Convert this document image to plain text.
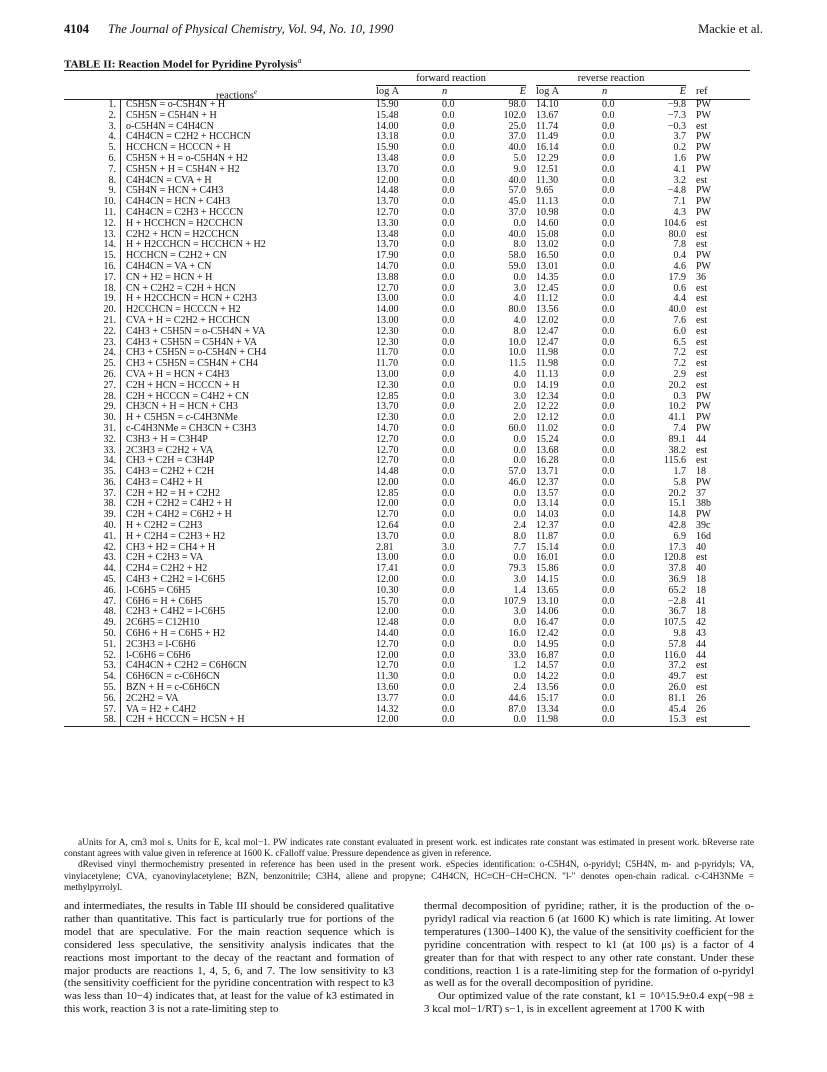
4104 The Journal of Physical Chemistry, Vol. 94, No. 10, 1990	Mackie et al.
TABLE II: Reaction Model for Pyridine Pyrolysis$^a$
forward reaction	reverse reaction
reactions$^e$	log A	n	E log A	n	E ref
1. C5H5N = o-C5H4N + H	15.90	0.0	98.0 14.10	0.0	−9.8 PW
2. C5H5N = C5H4N + H	15.48	0.0	102.0 13.67	0.0	−7.3 PW
3. o-C5H4N = C4H4CN	14.00	0.0	25.0 11.74	0.0	−0.3 est
4. C4H4CN = C2H2 + HCCHCN	13.18	0.0	37.0 11.49	0.0	3.7 PW
5. HCCHCN = HCCCN + H	15.90	0.0	40.0 16.14	0.0	0.2 PW
6. C5H5N + H = o-C5H4N + H2	13.48	0.0	5.0 12.29	0.0	1.6 PW
7. C5H5N + H = C5H4N + H2	13.70	0.0	9.0 12.51	0.0	4.1 PW
8. C4H4CN = CVA + H	12.00	0.0	40.0 11.30	0.0	3.2 est
9. C5H4N = HCN + C4H3	14.48	0.0	57.0 9.65	0.0	−4.8 PW
10. C4H4CN = HCN + C4H3	13.70	0.0	45.0 11.13	0.0	7.1 PW
11. C4H4CN = C2H3 + HCCCN	12.70	0.0	37.0 10.98	0.0	4.3 PW
12. H + HCCHCN = H2CCHCN	13.30	0.0	0.0 14.60	0.0	104.6 est
13. C2H2 + HCN = H2CCHCN	13.48	0.0	40.0 15.08	0.0	80.0 est
14. H + H2CCHCN = HCCHCN + H2	13.70	0.0	8.0 13.02	0.0	7.8 est
15. HCCHCN = C2H2 + CN	17.90	0.0	58.0 16.50	0.0	0.4 PW
16. C4H4CN = VA + CN	14.70	0.0	59.0 13.01	0.0	4.6 PW
17. CN + H2 = HCN + H	13.88	0.0	0.0 14.35	0.0	17.9 36
18. CN + C2H2 = C2H + HCN	12.70	0.0	3.0 12.45	0.0	0.6 est
19. H + H2CCHCN = HCN + C2H3	13.00	0.0	4.0 11.12	0.0	4.4 est
20. H2CCHCN = HCCCN + H2	14.00	0.0	80.0 13.56	0.0	40.0 est
21. CVA + H = C2H2 + HCCHCN	13.00	0.0	4.0 12.02	0.0	7.6 est
22. C4H3 + C5H5N = o-C5H4N + VA	12.30	0.0	8.0 12.47	0.0	6.0 est
23. C4H3 + C5H5N = C5H4N + VA	12.30	0.0	10.0 12.47	0.0	6.5 est
24. CH3 + C5H5N = o-C5H4N + CH4	11.70	0.0	10.0 11.98	0.0	7.2 est
25. CH3 + C5H5N = C5H4N + CH4	11.70	0.0	11.5 11.98	0.0	7.2 est
26. CVA + H = HCN + C4H3	13.00	0.0	4.0 11.13	0.0	2.9 est
27. C2H + HCN = HCCCN + H	12.30	0.0	0.0 14.19	0.0	20.2 est
28. C2H + HCCCN = C4H2 + CN	12.85	0.0	3.0 12.34	0.0	0.3 PW
29. CH3CN + H = HCN + CH3	13.70	0.0	2.0 12.22	0.0	10.2 PW
30. H + C5H5N = c-C4H3NMe	12.30	0.0	2.0 12.12	0.0	41.1 PW
31. c-C4H3NMe = CH3CN + C3H3	14.70	0.0	60.0 11.02	0.0	7.4 PW
32. C3H3 + H = C3H4P	12.70	0.0	0.0 15.24	0.0	89.1 44
33. 2C3H3 = C2H2 + VA	12.70	0.0	0.0 13.68	0.0	38.2 est
34. CH3 + C2H = C3H4P	12.70	0.0	0.0 16.28	0.0	115.6 est
35. C4H3 = C2H2 + C2H	14.48	0.0	57.0 13.71	0.0	1.7 18
36. C4H3 = C4H2 + H	12.00	0.0	46.0 12.37	0.0	5.8 PW
37. C2H + H2 = H + C2H2	12.85	0.0	0.0 13.57	0.0	20.2 37
38. C2H + C2H2 = C4H2 + H	12.00	0.0	0.0 13.14	0.0	15.1 38b
39. C2H + C4H2 = C6H2 + H	12.70	0.0	0.0 14.03	0.0	14.8 PW
40. H + C2H2 = C2H3	12.64	0.0	2.4 12.37	0.0	42.8 39c
41. H + C2H4 = C2H3 + H2	13.70	0.0	8.0 11.87	0.0	6.9 16d
42. CH3 + H2 = CH4 + H	2.81	3.0	7.7 15.14	0.0	17.3 40
43. C2H + C2H3 = VA	13.00	0.0	0.0 16.01	0.0	120.8 est
44. C2H4 = C2H2 + H2	17.41	0.0	79.3 15.86	0.0	37.8 40
45. C4H3 + C2H2 = l-C6H5	12.00	0.0	3.0 14.15	0.0	36.9 18
46. l-C6H5 = C6H5	10.30	0.0	1.4 13.65	0.0	65.2 18
47. C6H6 = H + C6H5	15.70	0.0	107.9 13.10	0.0	−2.8 41
48. C2H3 + C4H2 = l-C6H5	12.00	0.0	3.0 14.06	0.0	36.7 18
49. 2C6H5 = C12H10	12.48	0.0	0.0 16.47	0.0	107.5 42
50. C6H6 + H = C6H5 + H2	14.40	0.0	16.0 12.42	0.0	9.8 43
51. 2C3H3 = l-C6H6	12.70	0.0	0.0 14.95	0.0	57.8 44
52. l-C6H6 = C6H6	12.00	0.0	33.0 16.87	0.0	116.0 44
53. C4H4CN + C2H2 = C6H6CN	12.70	0.0	1.2 14.57	0.0	37.2 est
54. C6H6CN = c-C6H6CN	11.30	0.0	0.0 14.22	0.0	49.7 est
55. BZN + H = c-C6H6CN	13.60	0.0	2.4 13.56	0.0	26.0 est
56. 2C2H2 = VA	13.77	0.0	44.6 15.17	0.0	81.1 26
57. VA = H2 + C4H2	14.32	0.0	87.0 13.34	0.0	45.4 26
58. C2H + HCCCN = HC5N + H	12.00	0.0	0.0 11.98	0.0	15.3 est

aUnits for A, cm3 mol s. Units for E, kcal mol−1. PW indicates rate constant evaluated in present work. est indicates rate constant was estimated in present work. bReverse rate constant agrees with value given in reference at 1600 K. cFalloff value. Pressure dependence as given in reference.

dRevised vinyl thermochemistry presented in reference has been used in the present work. eSpecies identification: o-C5H4N, o-pyridyl; C5H4N, m- and p-pyridyls; VA, vinylacetylene; CVA, cyanovinylacetylene; BZN, benzonitrile; C3H4, allene and propyne; C4H4CN, HC≡CH−CH≡CHCN. "l-" denotes open-chain radical. c-C4H3NMe = methylpyrrolyl.

and intermediates, the results in Table III should be considered qualitative rather than quantitative. This fact is particularly true for portions of the model that are speculative. For the main reaction sequence which is considered less speculative, the sensitivity analysis indicates that the reactions most important to the decay of the reactant and formation of major products are reactions 1, 4, 5, 6, and 7. The low sensitivity to k3 (the sensitivity coefficient for the pyridine concentration with respect to k3 was less than 10−4) indicates that, at least for the value of k3 estimated in this work, reaction 3 is not a rate-limiting step to

thermal decomposition of pyridine; rather, it is the production of the o-pyridyl radical via reaction 6 (at 1600 K) which is rate limiting. At lower temperatures (1300–1400 K), the value of the sensitivity coefficient for the pyridine concentration with respect to k1 (at 100 μs) is a factor of 4 greater than for that with respect to any other rate constant. Under these conditions, reaction 1 is a rate-limiting step for the formation of o-pyridyl as well as for the overall decomposition of pyridine.

Our optimized value of the rate constant, k1 = 10^15.9±0.4 exp(−98 ± 3 kcal mol−1/RT) s−1, is in excellent agreement at 1700 K with
